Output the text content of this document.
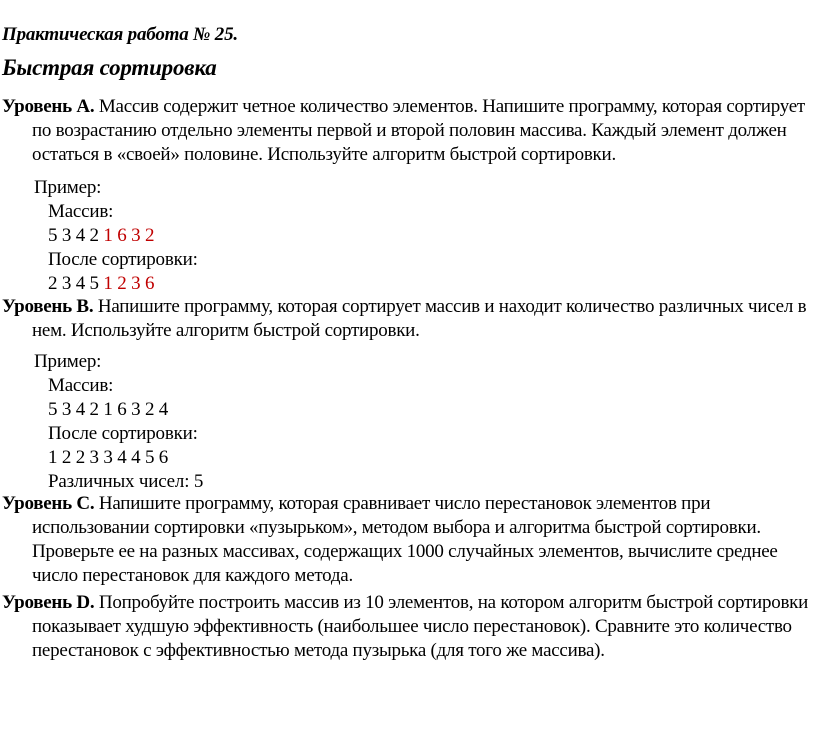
Практическая работа № 25.
Быстрая сортировка
Уровень A. Массив содержит четное количество элементов. Напишите программу, которая сортирует по возрастанию отдельно элементы первой и второй половин массива. Каждый элемент должен остаться в «своей» половине. Используйте алгоритм быстрой сортировки.
Пример:
Массив:
5 3 4 2 1 6 3 2
После сортировки:
2 3 4 5 1 2 3 6
Уровень B. Напишите программу, которая сортирует массив и находит количество различных чисел в нем. Используйте алгоритм быстрой сортировки.
Пример:
Массив:
5 3 4 2 1 6 3 2 4
После сортировки:
1 2 2 3 3 4 4 5 6
Различных чисел: 5
Уровень C. Напишите программу, которая сравнивает число перестановок элементов при использовании сортировки «пузырьком», методом выбора и алгоритма быстрой сортировки. Проверьте ее на разных массивах, содержащих 1000 случайных элементов, вычислите среднее число перестановок для каждого метода.
Уровень D. Попробуйте построить массив из 10 элементов, на котором алгоритм быстрой сортировки показывает худшую эффективность (наибольшее число перестановок). Сравните это количество перестановок с эффективностью метода пузырька (для того же массива).
